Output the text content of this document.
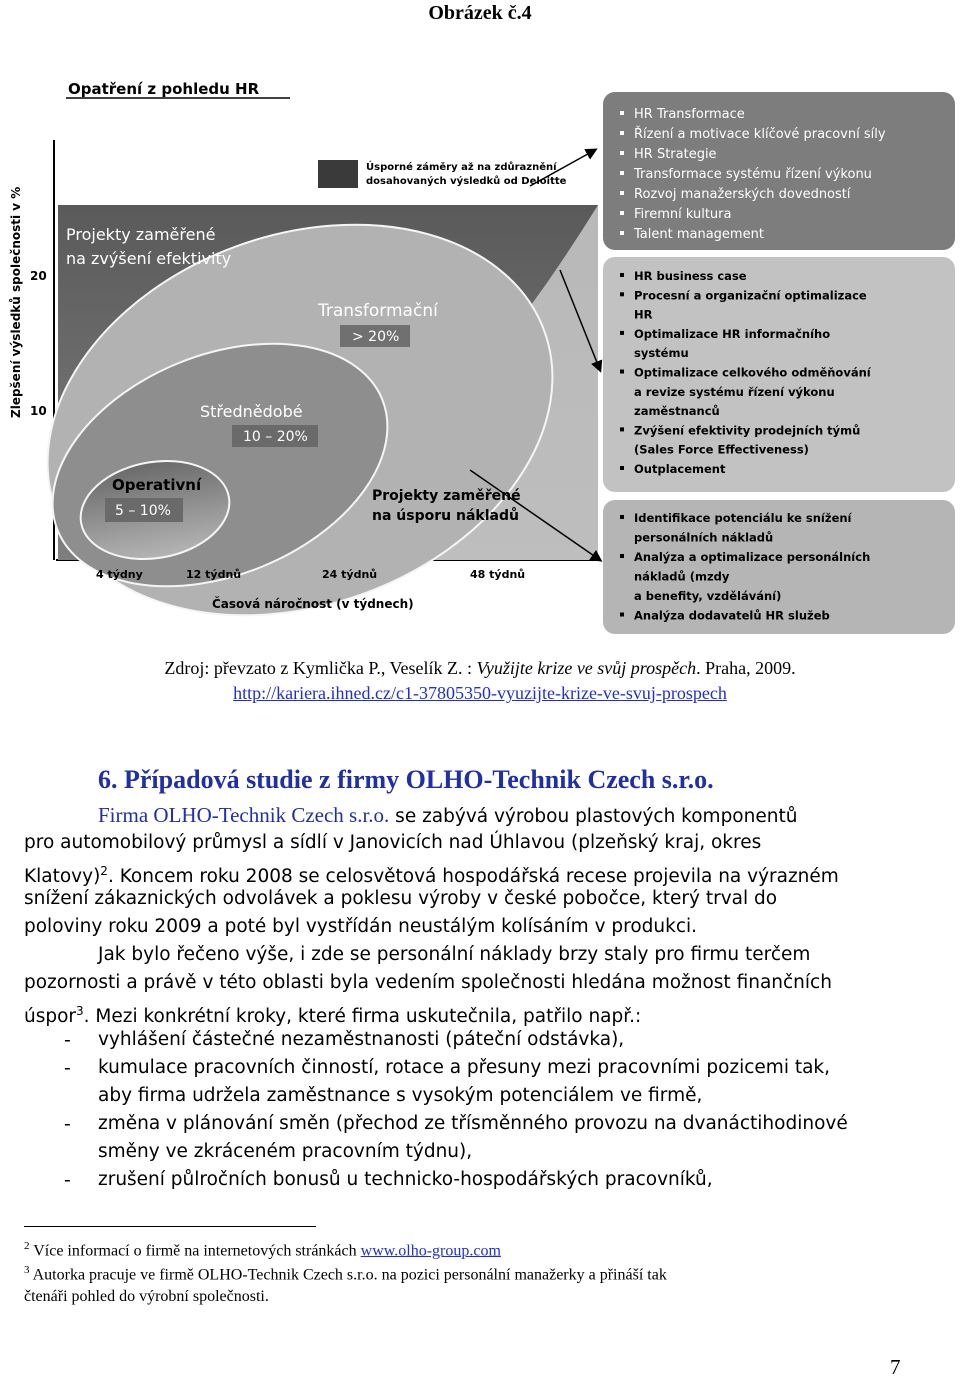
Obrázek č.4
Opatření z pohledu HR
Zlepšení výsledků společnosti v % 20
10
Úsporné záměry až na zdůraznění
dosahovaných výsledků od Deloitte
Projekty zaměřené
na zvýšení efektivity
Transformační
> 20%
Střednědobé
10 – 20%
Operativní
5 – 10%
Projekty zaměřené
na úsporu nákladů
4 týdny	12 týdnů	24 týdnů	48 týdnů
Časová náročnost (v týdnech)
HR Transformace
Řízení a motivace klíčové pracovní síly
HR Strategie
Transformace systému řízení výkonu
Rozvoj manažerských dovedností
Firemní kultura
Talent management
HR business case
Procesní a organizační optimalizace
HR
Optimalizace HR informačního
systému
Optimalizace celkového odměňování
a revize systému řízení výkonu
zaměstnanců
Zvýšení efektivity prodejních týmů
(Sales Force Effectiveness)
Outplacement
Identifikace potenciálu ke snížení
personálních nákladů
Analýza a optimalizace personálních
nákladů (mzdy
a benefity, vzdělávání)
Analýza dodavatelů HR služeb
Zdroj: převzato z Kymlička P., Veselík Z. : Využijte krize ve svůj prospěch. Praha, 2009.
http://kariera.ihned.cz/c1-37805350-vyuzijte-krize-ve-svuj-prospech
6. Případová studie z firmy OLHO-Technik Czech s.r.o.
Firma OLHO-Technik Czech s.r.o. se zabývá výrobou plastových komponentů
pro automobilový průmysl a sídlí v Janovicích nad Úhlavou (plzeňský kraj, okres
Klatovy)$^2$. Koncem roku 2008 se celosvětová hospodářská recese projevila na výrazném
snížení zákaznických odvolávek a poklesu výroby v české pobočce, který trval do
poloviny roku 2009 a poté byl vystřídán neustálým kolísáním v produkci.
Jak bylo řečeno výše, i zde se personální náklady brzy staly pro firmu terčem
pozornosti a právě v této oblasti byla vedením společnosti hledána možnost finančních
úspor$^3$. Mezi konkrétní kroky, které firma uskutečnila, patřilo např.:
- vyhlášení částečné nezaměstnanosti (páteční odstávka),
- kumulace pracovních činností, rotace a přesuny mezi pracovními pozicemi tak,
aby firma udržela zaměstnance s vysokým potenciálem ve firmě,
- změna v plánování směn (přechod ze třísměnného provozu na dvanáctihodinové
směny ve zkráceném pracovním týdnu),
- zrušení půlročních bonusů u technicko-hospodářských pracovníků,
$^2$ Více informací o firmě na internetových stránkách www.olho-group.com
$^3$ Autorka pracuje ve firmě OLHO-Technik Czech s.r.o. na pozici personální manažerky a přináší tak
čtenáři pohled do výrobní společnosti.
7
